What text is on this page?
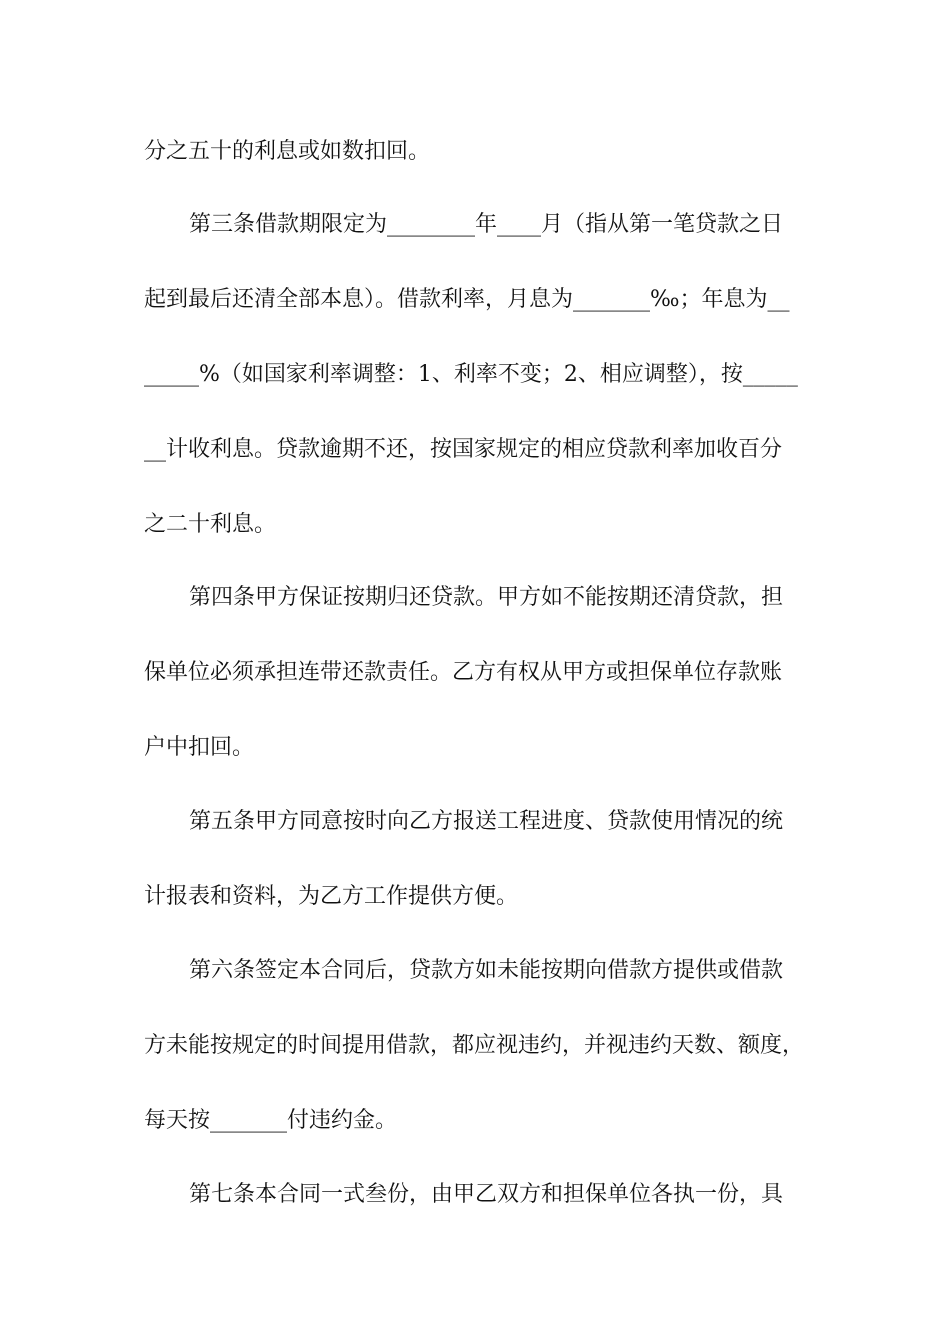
分之五十的利息或如数扣回。
第三条借款期限定为________年____月（指从第一笔贷款之日
起到最后还清全部本息）。借款利率，月息为_______‰；年息为__
_____%（如国家利率调整：1、利率不变；2、相应调整），按_____
__计收利息。贷款逾期不还，按国家规定的相应贷款利率加收百分
之二十利息。
第四条甲方保证按期归还贷款。甲方如不能按期还清贷款，担
保单位必须承担连带还款责任。乙方有权从甲方或担保单位存款账
户中扣回。
第五条甲方同意按时向乙方报送工程进度、贷款使用情况的统
计报表和资料，为乙方工作提供方便。
第六条签定本合同后，贷款方如未能按期向借款方提供或借款
方未能按规定的时间提用借款，都应视违约，并视违约天数、额度，
每天按_______付违约金。
第七条本合同一式叁份，由甲乙双方和担保单位各执一份，具
